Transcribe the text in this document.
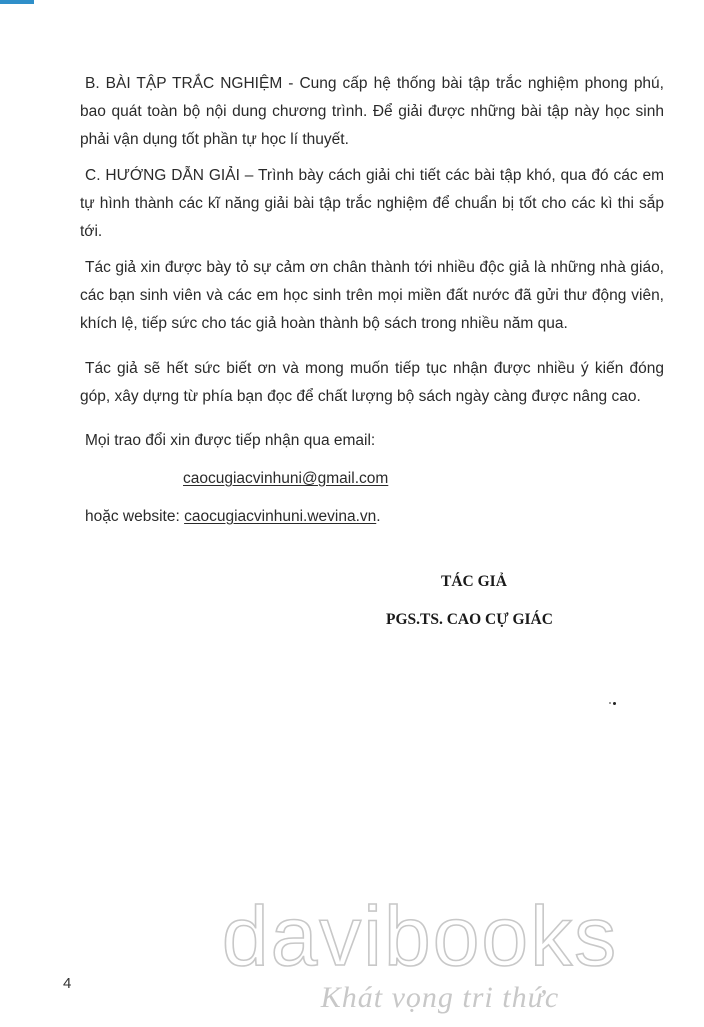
B. BÀI TẬP TRẮC NGHIỆM - Cung cấp hệ thống bài tập trắc nghiệm phong phú, bao quát toàn bộ nội dung chương trình. Để giải được những bài tập này học sinh phải vận dụng tốt phần tự học lí thuyết.

C. HƯỚNG DẪN GIẢI – Trình bày cách giải chi tiết các bài tập khó, qua đó các em tự hình thành các kĩ năng giải bài tập trắc nghiệm để chuẩn bị tốt cho các kì thi sắp tới.

Tác giả xin được bày tỏ sự cảm ơn chân thành tới nhiều độc giả là những nhà giáo, các bạn sinh viên và các em học sinh trên mọi miền đất nước đã gửi thư động viên, khích lệ, tiếp sức cho tác giả hoàn thành bộ sách trong nhiều năm qua.

Tác giả sẽ hết sức biết ơn và mong muốn tiếp tục nhận được nhiều ý kiến đóng góp, xây dựng từ phía bạn đọc để chất lượng bộ sách ngày càng được nâng cao.

Mọi trao đổi xin được tiếp nhận qua email:
caocugiacvinhuni@gmail.com
hoặc website: caocugiacvinhuni.wevina.vn.
TÁC GIẢ
PGS.TS. CAO CỰ GIÁC
4
davibooks
Khát vọng tri thức
